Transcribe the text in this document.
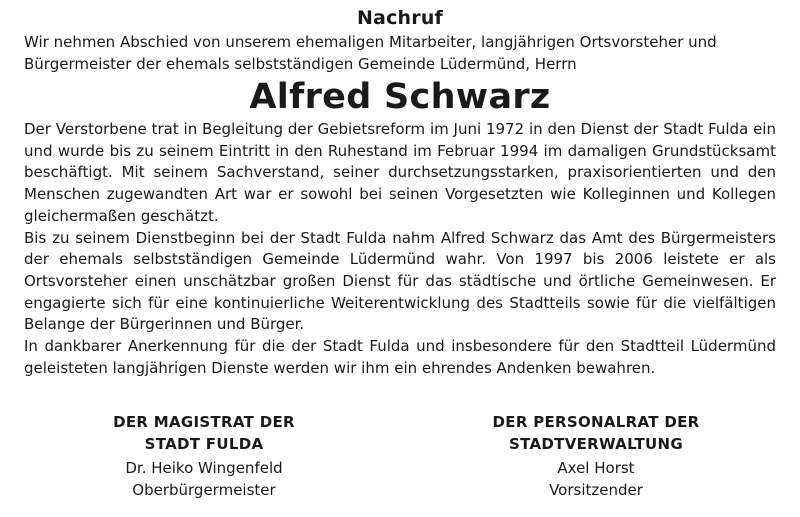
Nachruf

Wir nehmen Abschied von unserem ehemaligen Mitarbeiter, langjährigen Ortsvorsteher und Bürgermeister der ehemals selbstständigen Gemeinde Lüdermünd, Herrn

Alfred Schwarz

Der Verstorbene trat in Begleitung der Gebietsreform im Juni 1972 in den Dienst der Stadt Fulda ein und wurde bis zu seinem Eintritt in den Ruhestand im Februar 1994 im damaligen Grundstücksamt beschäftigt. Mit seinem Sachverstand, seiner durchsetzungsstarken, praxisorientierten und den Menschen zugewandten Art war er sowohl bei seinen Vorgesetzten wie Kolleginnen und Kollegen gleichermaßen geschätzt.

Bis zu seinem Dienstbeginn bei der Stadt Fulda nahm Alfred Schwarz das Amt des Bürgermeisters der ehemals selbstständigen Gemeinde Lüdermünd wahr. Von 1997 bis 2006 leistete er als Ortsvorsteher einen unschätzbar großen Dienst für das städtische und örtliche Gemeinwesen. Er engagierte sich für eine kontinuierliche Weiterentwicklung des Stadtteils sowie für die vielfältigen Belange der Bürgerinnen und Bürger.

In dankbarer Anerkennung für die der Stadt Fulda und insbesondere für den Stadtteil Lüdermünd geleisteten langjährigen Dienste werden wir ihm ein ehrendes Andenken bewahren.

DER MAGISTRAT DER
STADT FULDA
Dr. Heiko Wingenfeld
Oberbürgermeister
DER PERSONALRAT DER
STADTVERWALTUNG
Axel Horst
Vorsitzender
